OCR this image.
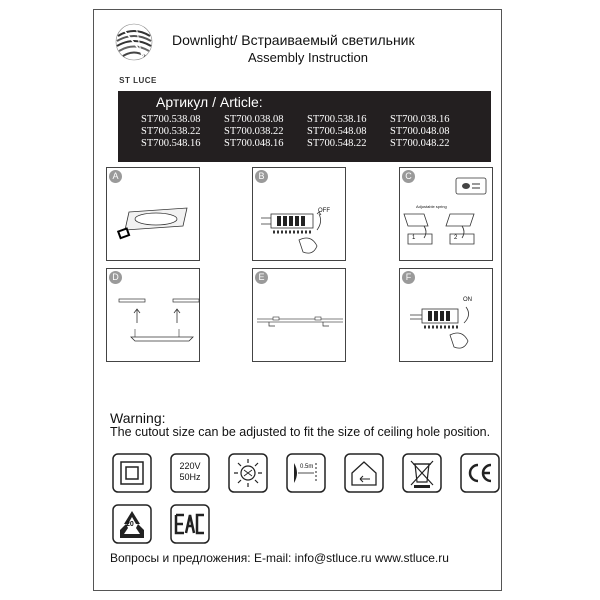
ST LUCE
Downlight/ Встраиваемый светильник
Assembly Instruction
Артикул / Article:
ST700.538.08	ST700.038.08	ST700.538.16	ST700.038.16
ST700.538.22	ST700.038.22	ST700.548.08	ST700.048.08
ST700.548.16	ST700.048.16	ST700.548.22	ST700.048.22
A	B
OFF
1	2
C
Adjustable spring
D	E	F
ON
Warning:
The cutout size can be adjusted to fit the size of ceiling hole position.
220V
50Hz
0.5m
20
Вопросы и предложения: E-mail: info@stluce.ru www.stluce.ru
